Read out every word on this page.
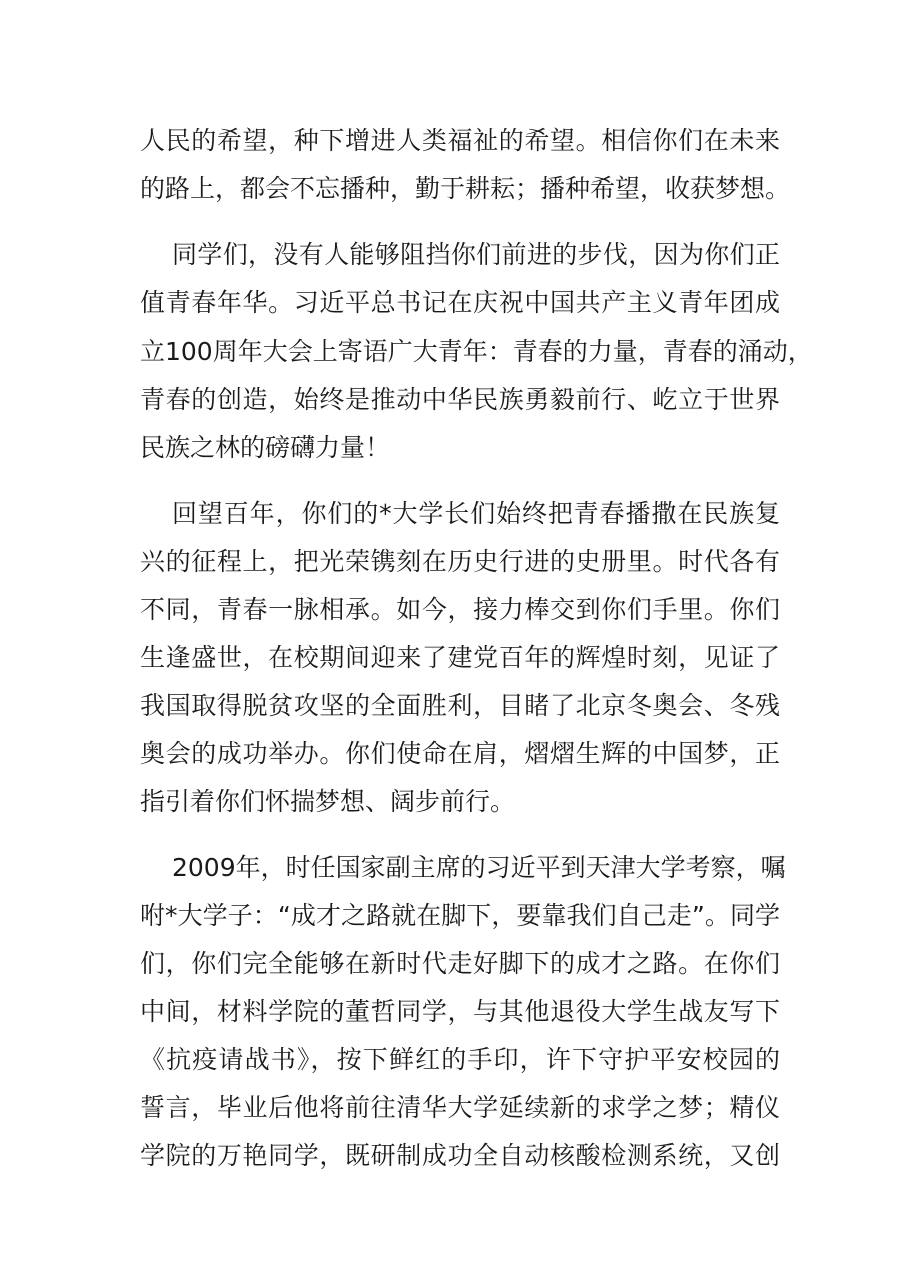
人民的希望，种下增进人类福祉的希望。相信你们在未来
的路上，都会不忘播种，勤于耕耘；播种希望，收获梦想。
同学们，没有人能够阻挡你们前进的步伐，因为你们正
值青春年华。习近平总书记在庆祝中国共产主义青年团成
立100周年大会上寄语广大青年：青春的力量，青春的涌动，
青春的创造，始终是推动中华民族勇毅前行、屹立于世界
民族之林的磅礴力量！
回望百年，你们的*大学长们始终把青春播撒在民族复
兴的征程上，把光荣镌刻在历史行进的史册里。时代各有
不同，青春一脉相承。如今，接力棒交到你们手里。你们
生逢盛世，在校期间迎来了建党百年的辉煌时刻，见证了
我国取得脱贫攻坚的全面胜利，目睹了北京冬奥会、冬残
奥会的成功举办。你们使命在肩，熠熠生辉的中国梦，正
指引着你们怀揣梦想、阔步前行。
2009年，时任国家副主席的习近平到天津大学考察，嘱
咐*大学子：“成才之路就在脚下，要靠我们自己走”。同学
们，你们完全能够在新时代走好脚下的成才之路。在你们
中间，材料学院的董哲同学，与其他退役大学生战友写下
《抗疫请战书》，按下鲜红的手印，许下守护平安校园的
誓言，毕业后他将前往清华大学延续新的求学之梦；精仪
学院的万艳同学，既研制成功全自动核酸检测系统，又创
